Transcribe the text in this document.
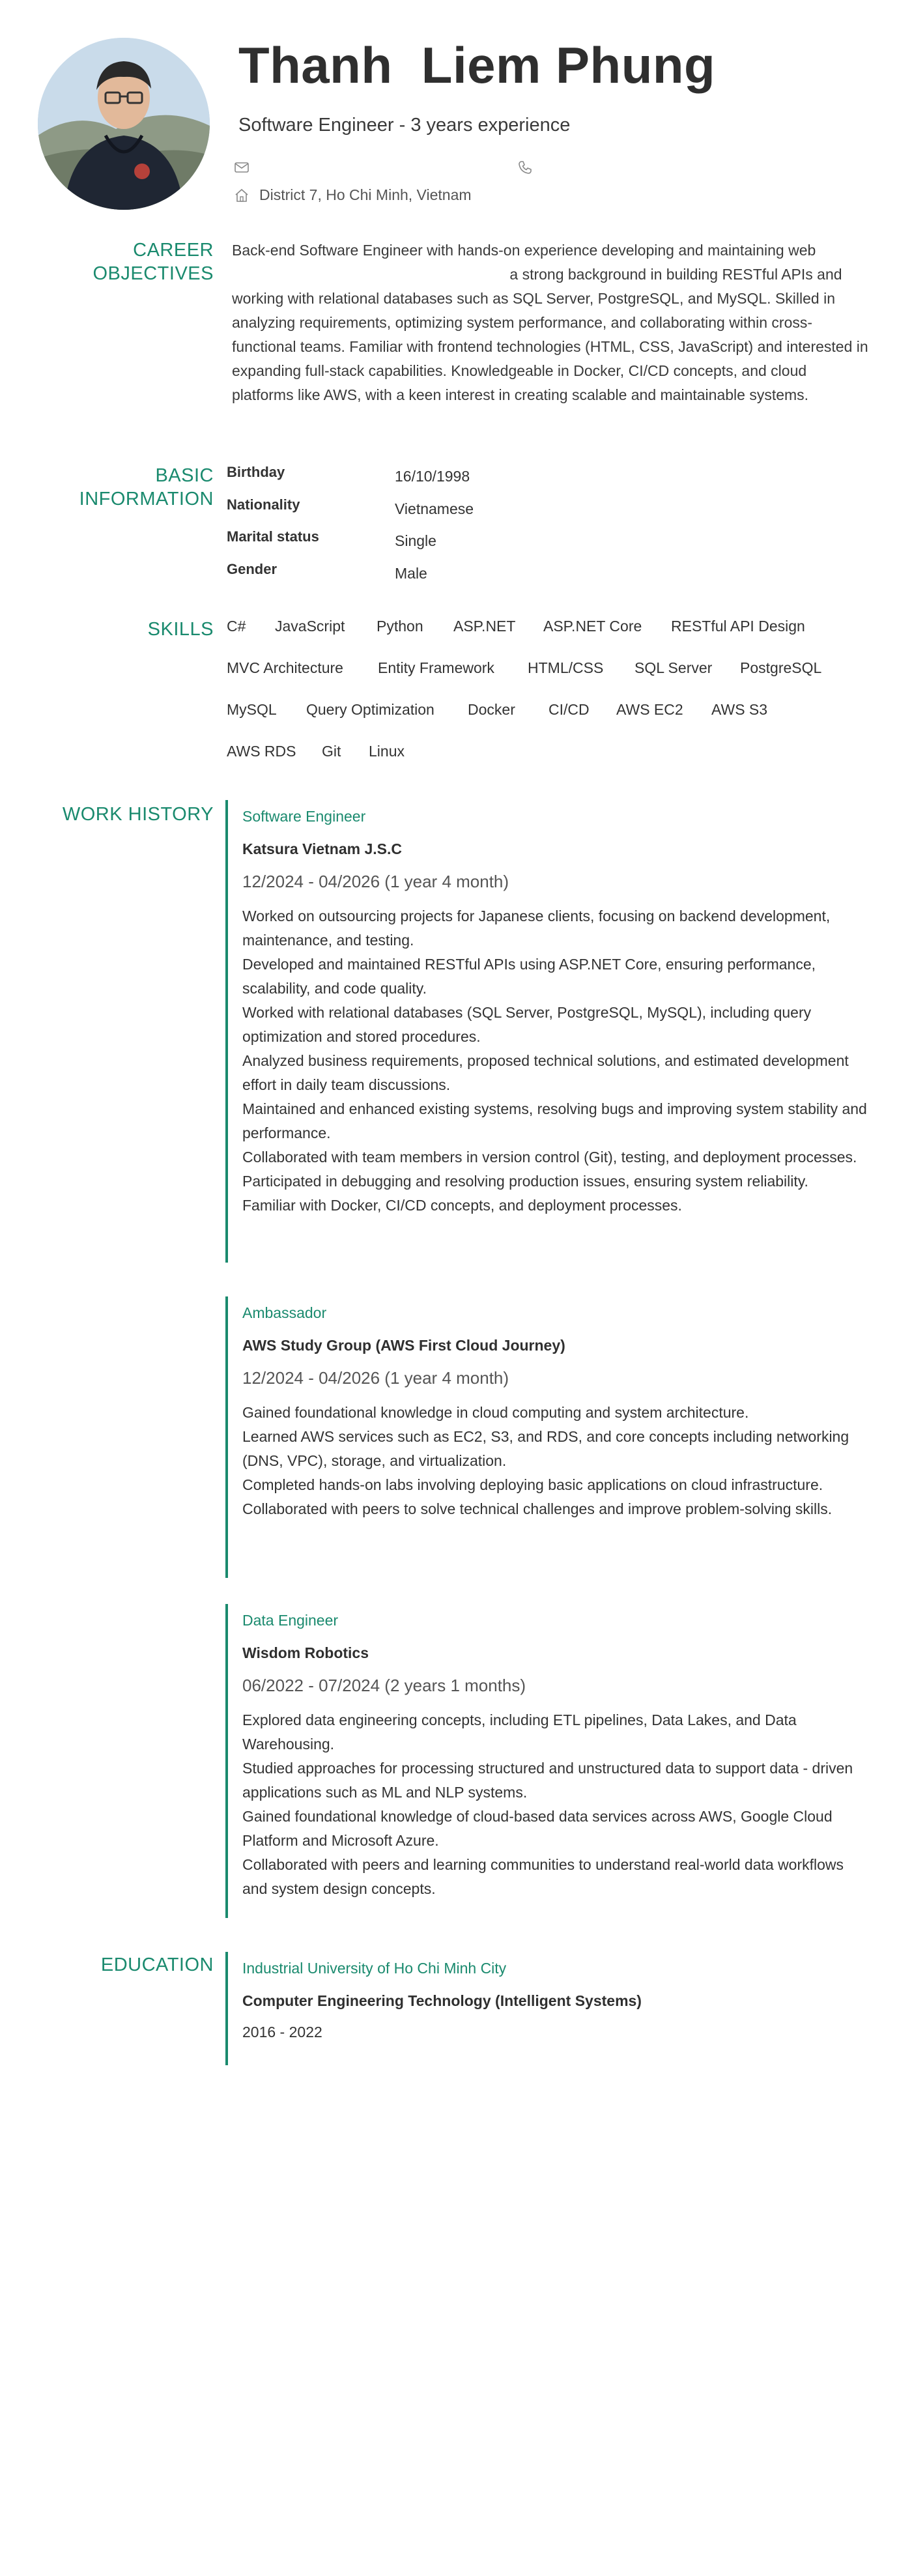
Thanh  Liem Phung
Software Engineer - 3 years experience
District 7, Ho Chi Minh, Vietnam
CAREER OBJECTIVES
Back-end Software Engineer with hands-on experience developing and maintaining web  a strong background in building RESTful APIs and working with relational databases such as SQL Server, PostgreSQL, and MySQL. Skilled in analyzing requirements, optimizing system performance, and collaborating within cross-functional teams. Familiar with frontend technologies (HTML, CSS, JavaScript) and interested in expanding full-stack capabilities. Knowledgeable in Docker, CI/CD concepts, and cloud platforms like AWS, with a keen interest in creating scalable and maintainable systems.
BASIC INFORMATION
Birthday	16/10/1998
Nationality	Vietnamese
Marital status	Single
Gender	Male
SKILLS C# JavaScript Python ASP.NET ASP.NET Core RESTful API Design
MVC Architecture Entity Framework HTML/CSS SQL Server PostgreSQL
MySQL Query Optimization Docker CI/CD AWS EC2 AWS S3
AWS RDS Git Linux
WORK HISTORY Software Engineer
Katsura Vietnam J.S.C
12/2024 - 04/2026 (1 year 4 month)
Worked on outsourcing projects for Japanese clients, focusing on backend development, maintenance, and testing.
Developed and maintained RESTful APIs using ASP.NET Core, ensuring performance, scalability, and code quality.
Worked with relational databases (SQL Server, PostgreSQL, MySQL), including query optimization and stored procedures.
Analyzed business requirements, proposed technical solutions, and estimated development effort in daily team discussions.
Maintained and enhanced existing systems, resolving bugs and improving system stability and performance.
Collaborated with team members in version control (Git), testing, and deployment processes.
Participated in debugging and resolving production issues, ensuring system reliability.
Familiar with Docker, CI/CD concepts, and deployment processes.
Ambassador
AWS Study Group (AWS First Cloud Journey)
12/2024 - 04/2026 (1 year 4 month)
Gained foundational knowledge in cloud computing and system architecture.
Learned AWS services such as EC2, S3, and RDS, and core concepts including networking (DNS, VPC), storage, and virtualization.
Completed hands-on labs involving deploying basic applications on cloud infrastructure.
Collaborated with peers to solve technical challenges and improve problem-solving skills.
Data Engineer
Wisdom Robotics
06/2022 - 07/2024 (2 years 1 months)
Explored data engineering concepts, including ETL pipelines, Data Lakes, and Data Warehousing.
Studied approaches for processing structured and unstructured data to support data - driven applications such as ML and NLP systems.
Gained foundational knowledge of cloud-based data services across AWS, Google Cloud Platform and Microsoft Azure.
Collaborated with peers and learning communities to understand real-world data workflows and system design concepts.
EDUCATION Industrial University of Ho Chi Minh City
Computer Engineering Technology (Intelligent Systems)
2016 - 2022
